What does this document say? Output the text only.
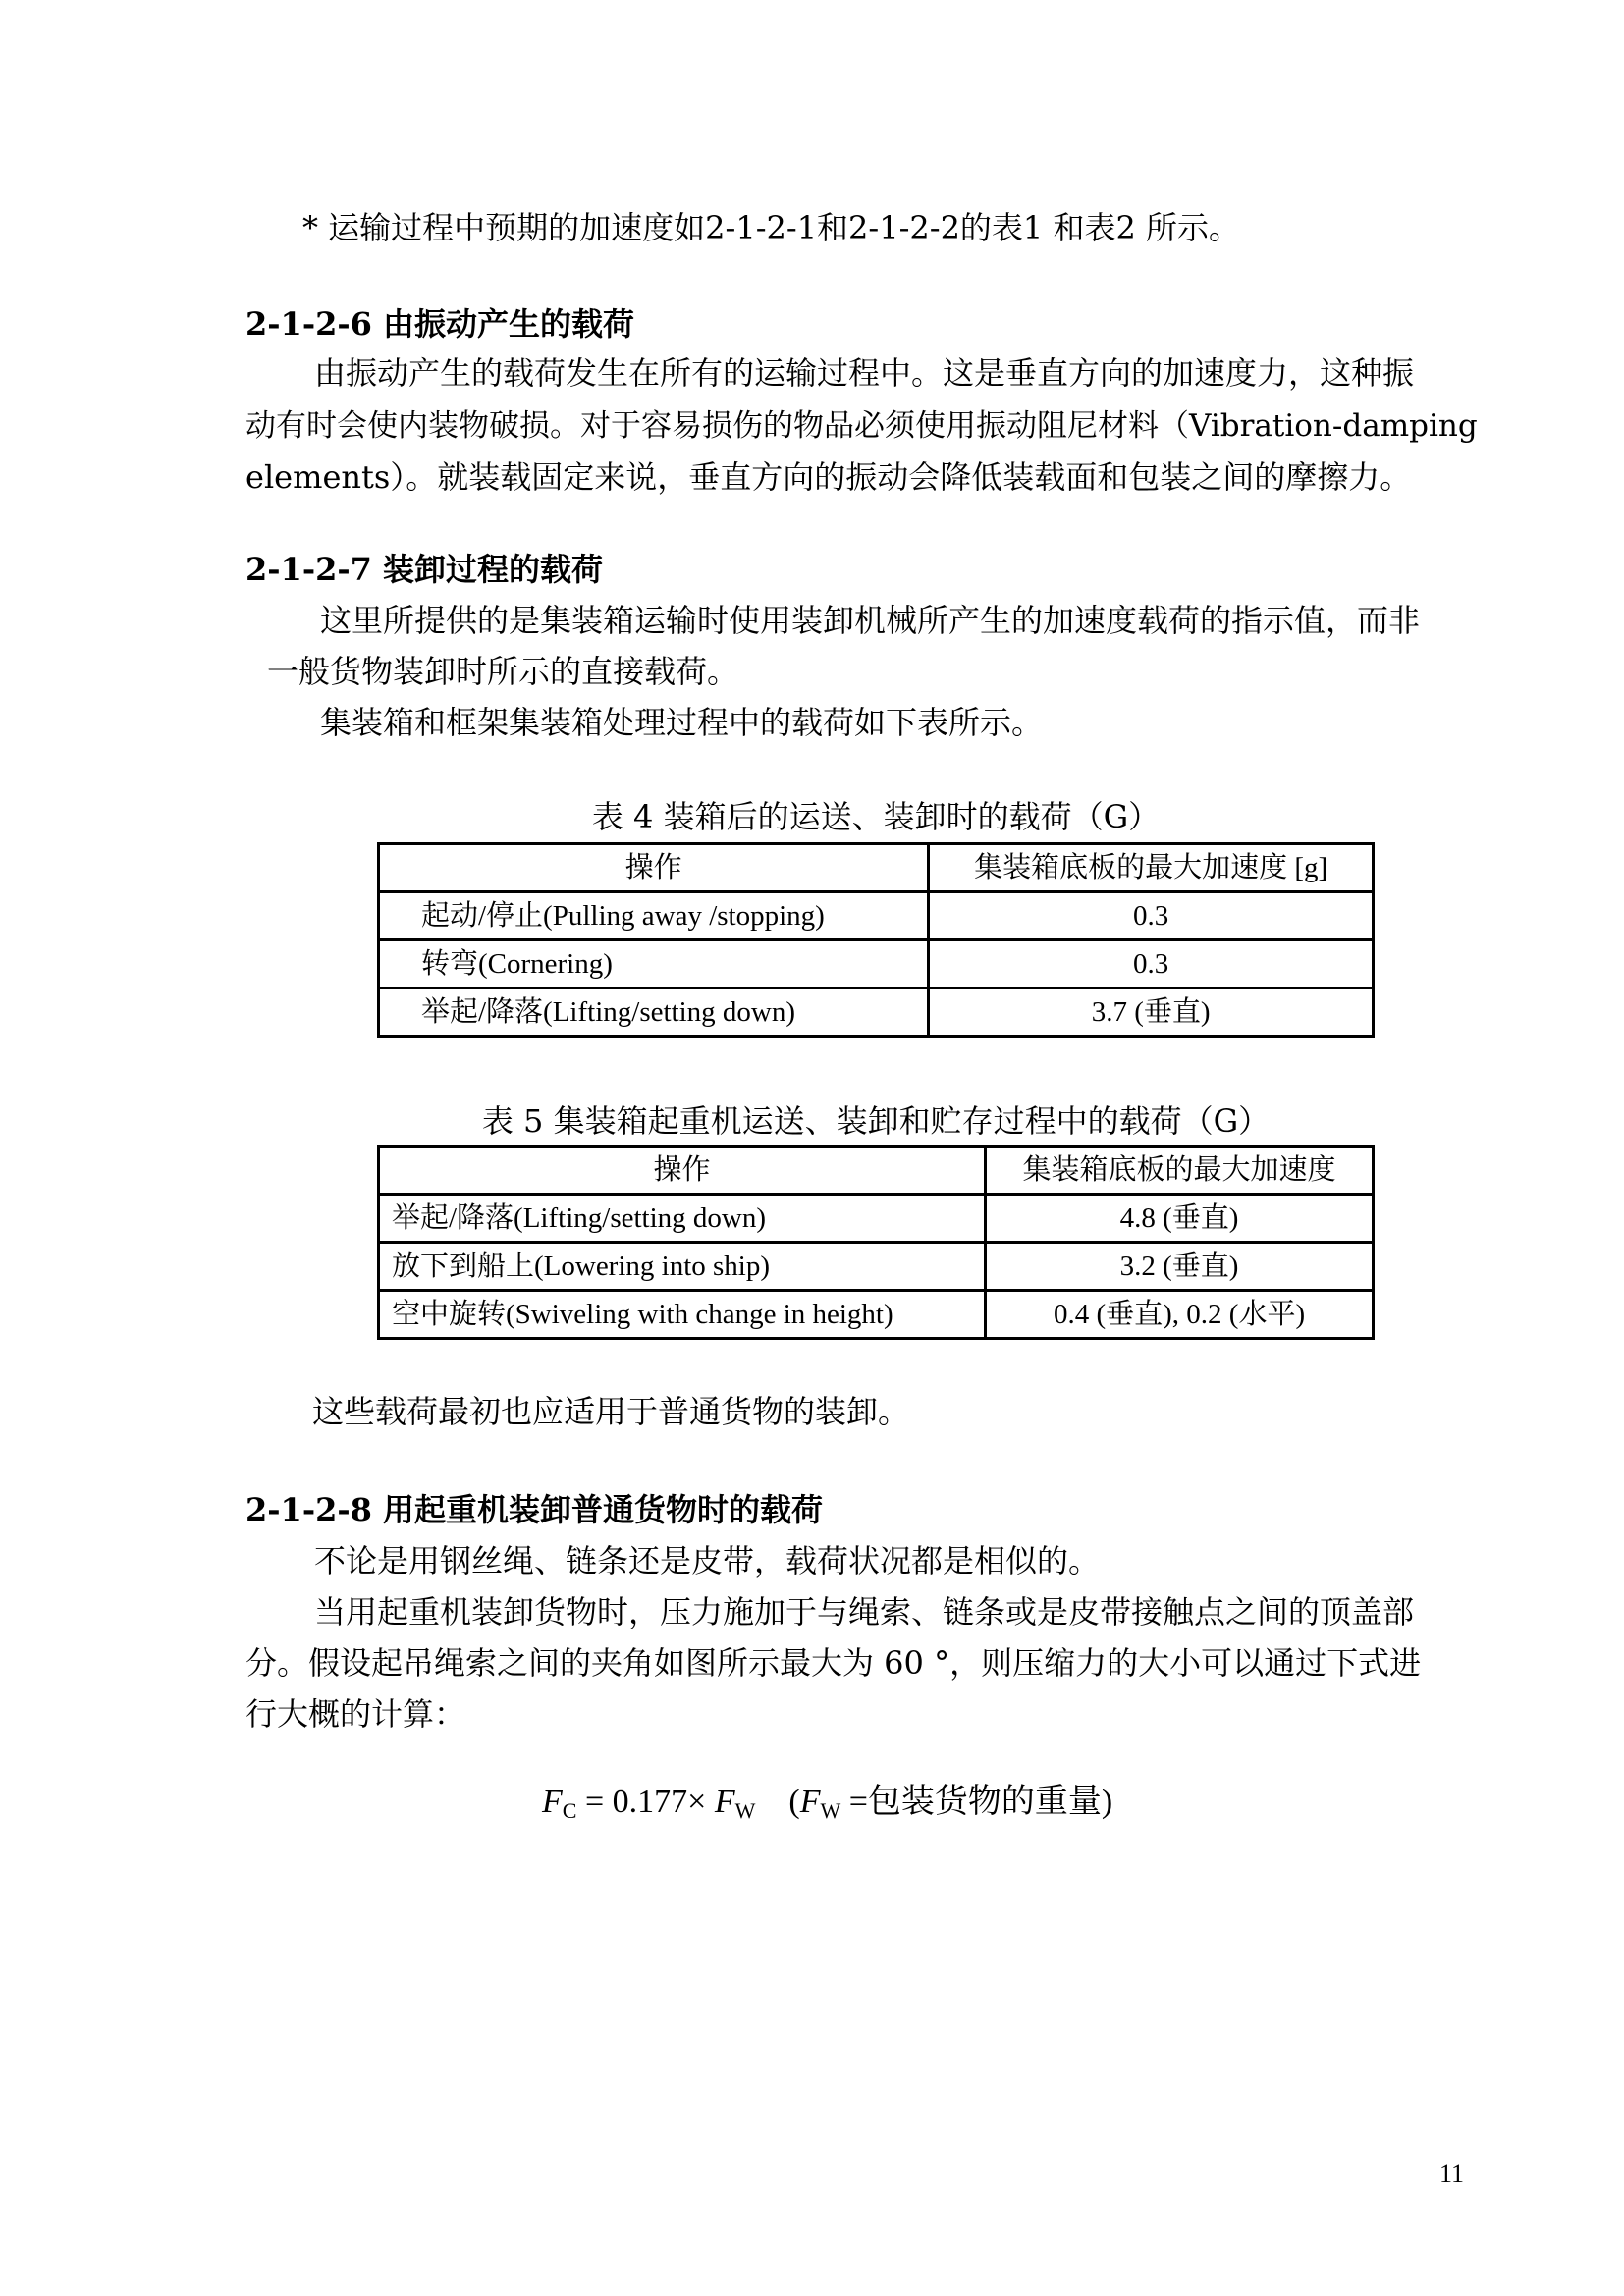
* 运输过程中预期的加速度如2-1-2-1和2-1-2-2的表1 和表2 所示。
2-1-2-6 由振动产生的载荷
由振动产生的载荷发生在所有的运输过程中。这是垂直方向的加速度力，这种振
动有时会使内装物破损。对于容易损伤的物品必须使用振动阻尼材料（Vibration-damping
elements）。就装载固定来说，垂直方向的振动会降低装载面和包装之间的摩擦力。
2-1-2-7 装卸过程的载荷
这里所提供的是集装箱运输时使用装卸机械所产生的加速度载荷的指示值，而非
一般货物装卸时所示的直接载荷。
集装箱和框架集装箱处理过程中的载荷如下表所示。
表 4 装箱后的运送、装卸时的载荷（G）
操作	集装箱底板的最大加速度 [g]
起动/停止(Pulling away /stopping)	0.3
转弯(Cornering)	0.3
举起/降落(Lifting/setting down)	3.7 (垂直)
表 5 集装箱起重机运送、装卸和贮存过程中的载荷（G）
操作	集装箱底板的最大加速度
举起/降落(Lifting/setting down)	4.8 (垂直)
放下到船上(Lowering into ship)	3.2 (垂直)
空中旋转(Swiveling with change in height)	0.4 (垂直), 0.2 (水平)
这些载荷最初也应适用于普通货物的装卸。
2-1-2-8 用起重机装卸普通货物时的载荷
不论是用钢丝绳、链条还是皮带，载荷状况都是相似的。
当用起重机装卸货物时，压力施加于与绳索、链条或是皮带接触点之间的顶盖部
分。假设起吊绳索之间的夹角如图所示最大为 60 °，则压缩力的大小可以通过下式进
行大概的计算：
$F_C = 0.177\times F_W$    ($F_W$ =包装货物的重量)
11
